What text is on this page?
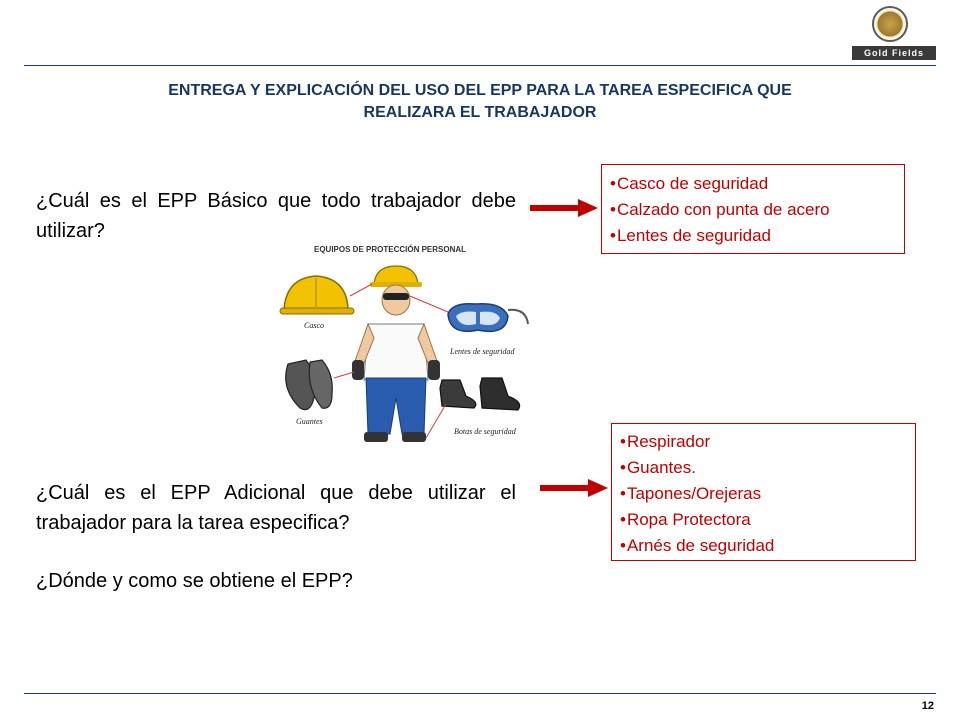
Gold Fields
ENTREGA Y EXPLICACIÓN DEL USO DEL EPP PARA LA TAREA ESPECIFICA QUE
REALIZARA EL TRABAJADOR
¿Cuál es el EPP Básico que todo trabajador debe utilizar?
• Casco de seguridad
• Calzado con punta de acero
• Lentes de seguridad
EQUIPOS DE PROTECCIÓN PERSONAL
Casco
Lentes de seguridad
Guantes
Botas de seguridad
¿Cuál es el EPP Adicional que debe utilizar el trabajador para la tarea especifica?
¿Dónde y como se obtiene el EPP?
• Respirador
• Guantes.
• Tapones/Orejeras
• Ropa Protectora
• Arnés de seguridad
12
